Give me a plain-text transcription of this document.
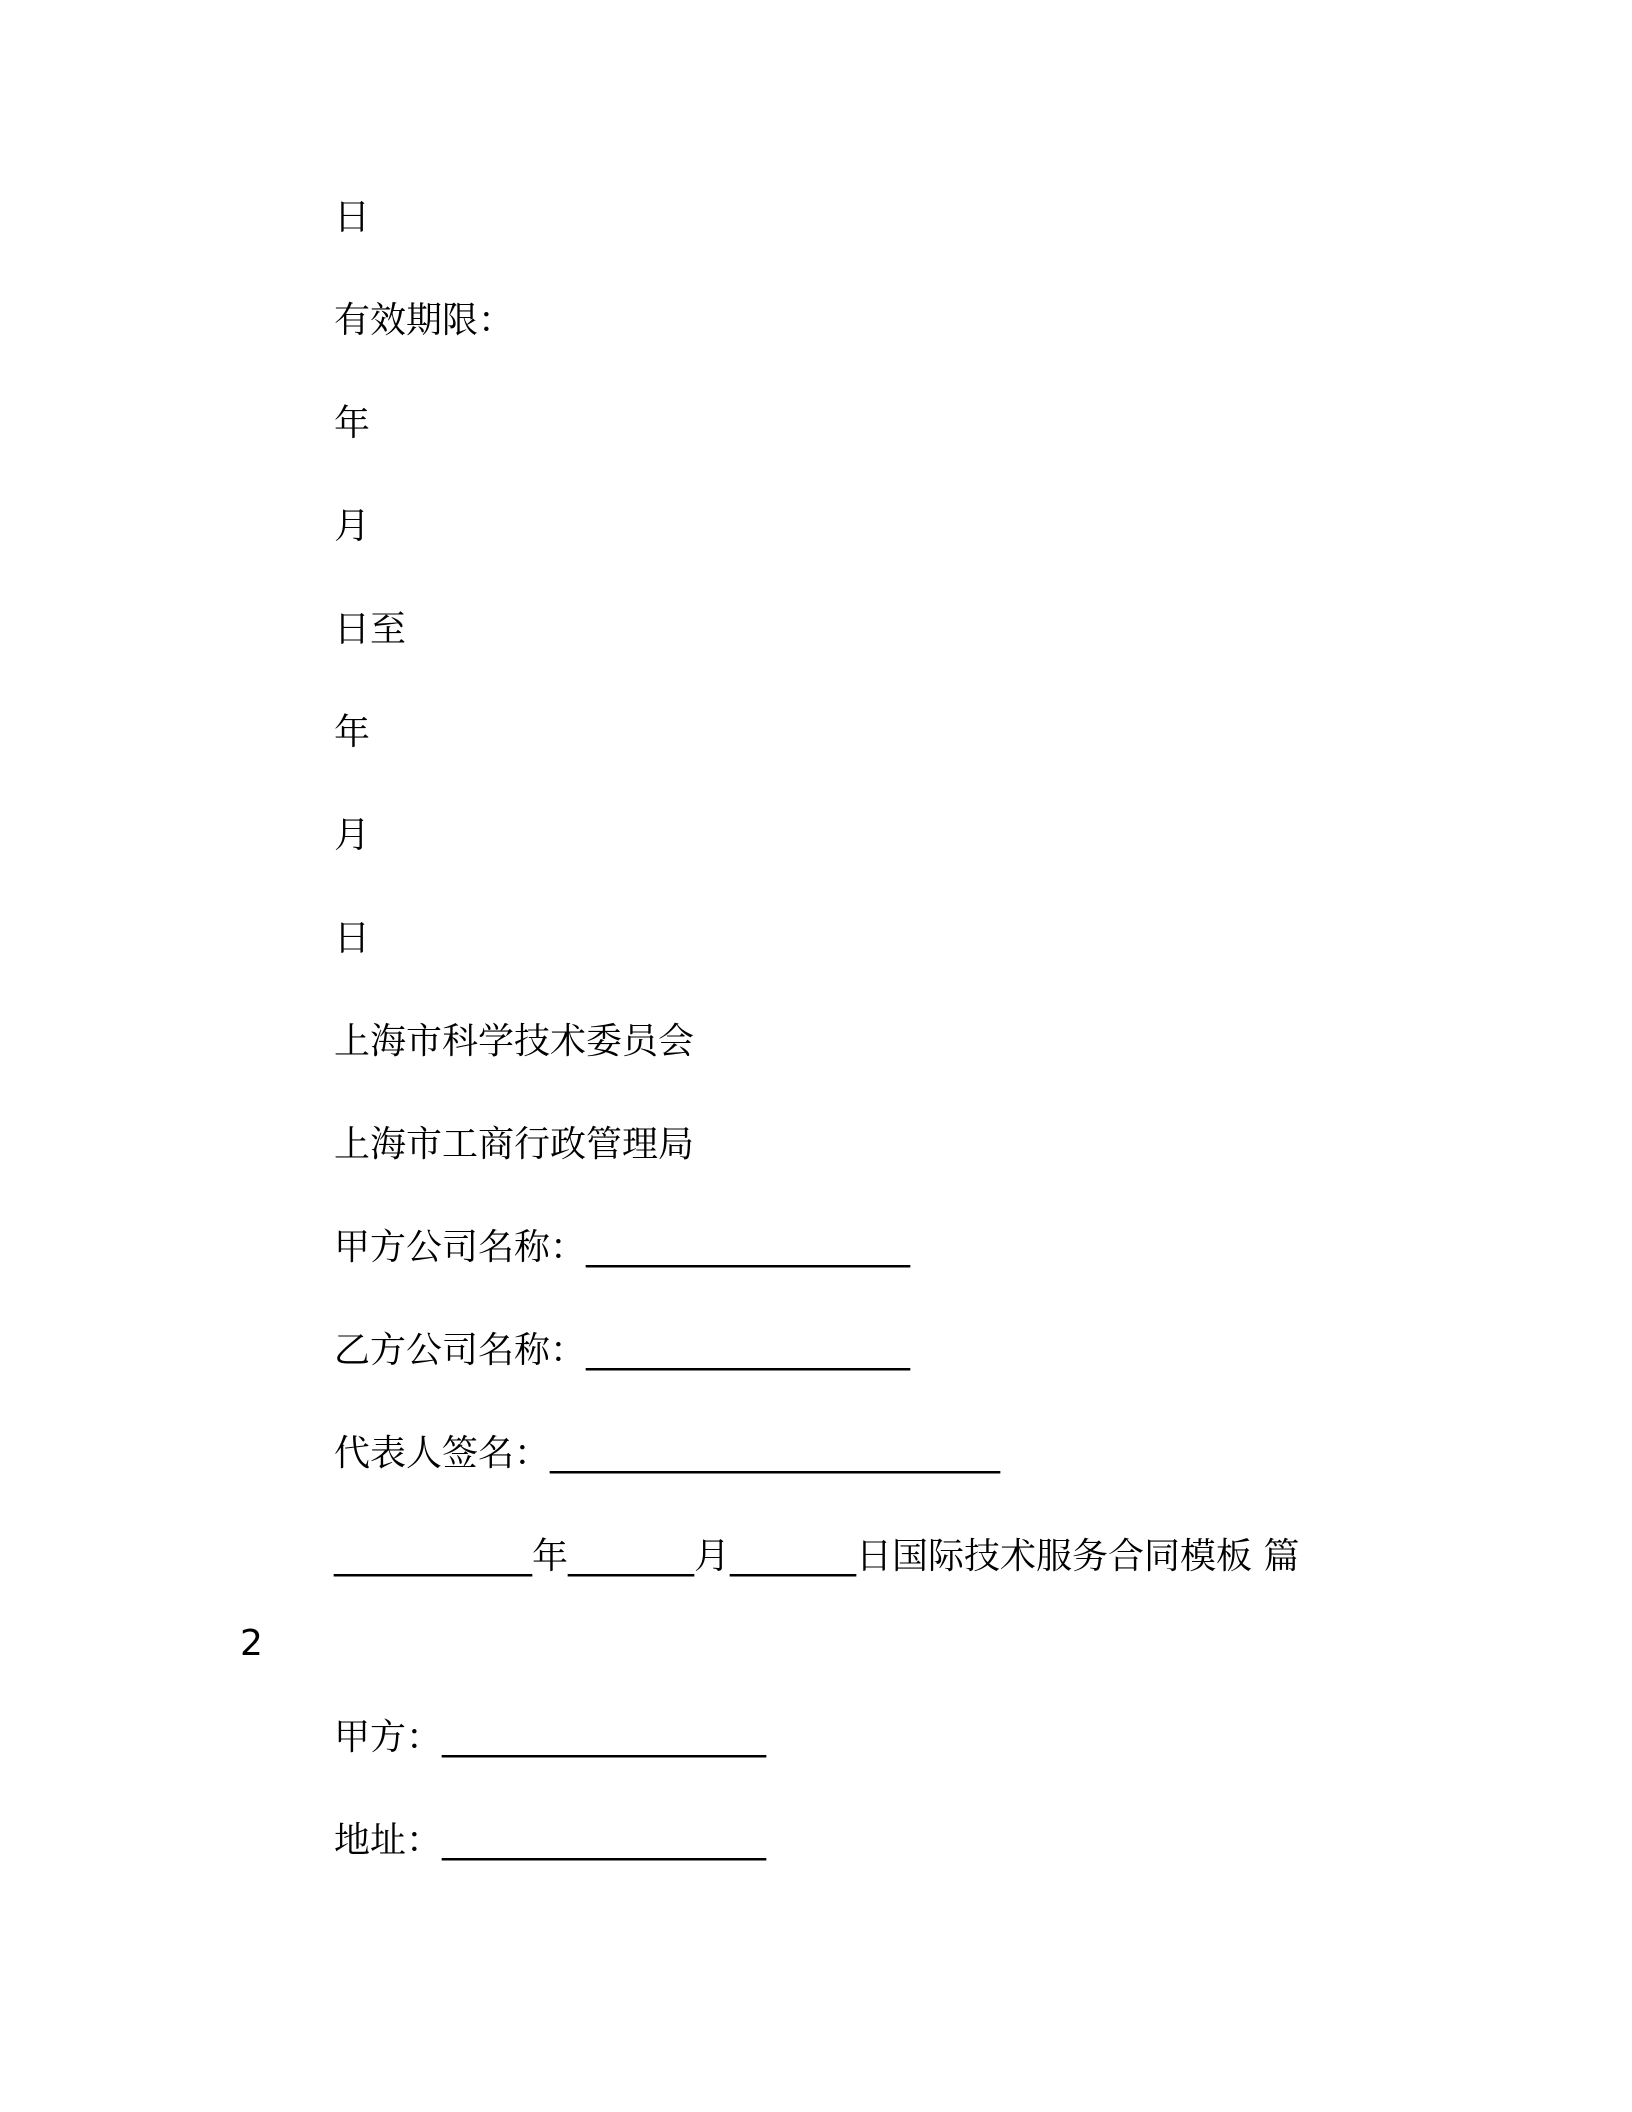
日
有效期限：
年
月
日至
年
月
日
上海市科学技术委员会
上海市工商行政管理局
甲方公司名称：__________________
乙方公司名称：__________________
代表人签名：_________________________
___________年_______月_______日国际技术服务合同模板 篇
2
甲方：__________________
地址：__________________
